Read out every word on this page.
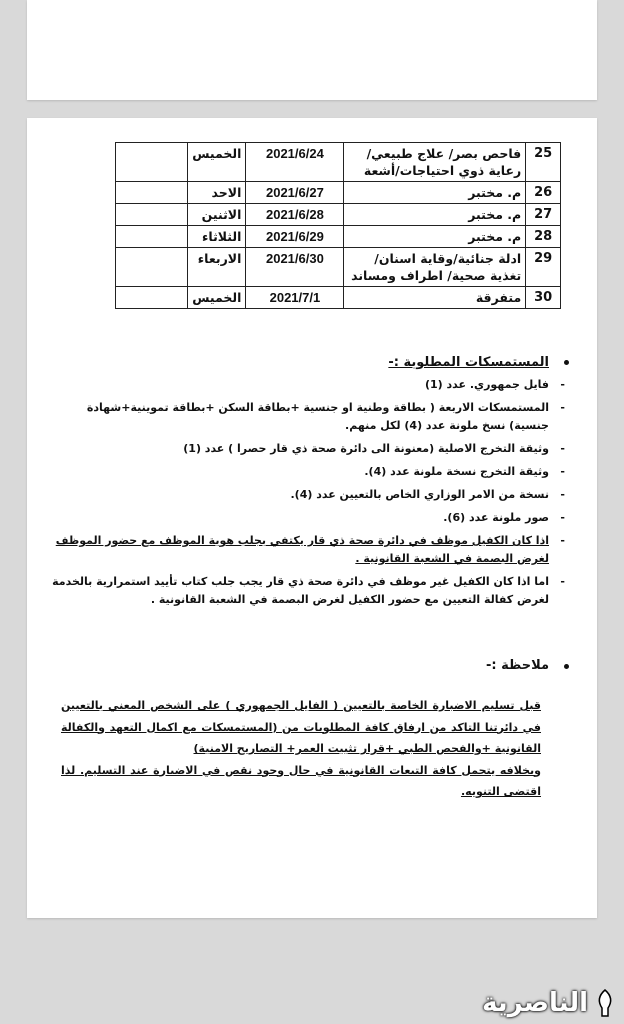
25	فاحص بصر/ علاج طبيعي/رعاية ذوي احتياجات/أشعة	2021/6/24	الخميس	
26	م. مختبر	2021/6/27	الاحد	
27	م. مختبر	2021/6/28	الاثنين	
28	م. مختبر	2021/6/29	الثلاثاء	
29	ادلة جنائية/وقاية اسنان/ تغذية صحية/ اطراف ومساند	2021/6/30	الاربعاء	
30	متفرقة	2021/7/1	الخميس	
المستمسكات المطلوبة :-
-
فايل جمهوري. عدد (1)
-
المستمسكات الاربعة ( بطاقة وطنية او جنسية +بطاقة السكن +بطاقة تموينية+شهادة جنسية) نسخ ملونة عدد (4) لكل منهم.
-
وثيقة التخرج الاصلية (معنونة الى دائرة صحة ذي قار حصرا ) عدد (1)
-
وثيقة التخرج نسخة ملونة عدد (4).
-
نسخة من الامر الوزاري الخاص بالتعيين عدد (4).
-
صور ملونة عدد (6).
-
اذا كان الكفيل موظف في دائرة صحة ذي قار يكتفي بجلب هوية الموظف مع حضور الموظف لغرض البصمة في الشعبة القانونية .
-
اما اذا كان الكفيل غير موظف في دائرة صحة ذي قار يجب جلب كتاب تأييد استمرارية بالخدمة لغرض كفالة التعيين مع حضور الكفيل لغرض البصمة في الشعبة القانونية .
ملاحظة :-
قبل تسليم الاضبارة الخاصة بالتعيين ( الفايل الجمهوري ) على الشخص المعني بالتعيين في دائرتنا التاكد من ارفاق كافة المطلوبات من (المستمسكات مع اكمال التعهد والكفالة القانونية +والفحص الطبي +قرار تثبيت العمر+ التصاريح الامنية)
وبخلافه يتحمل كافة التبعات القانونية في حال وجود نقص في الاضبارة عند التسليم. لذا اقتضى التنويه.
الناصرية
